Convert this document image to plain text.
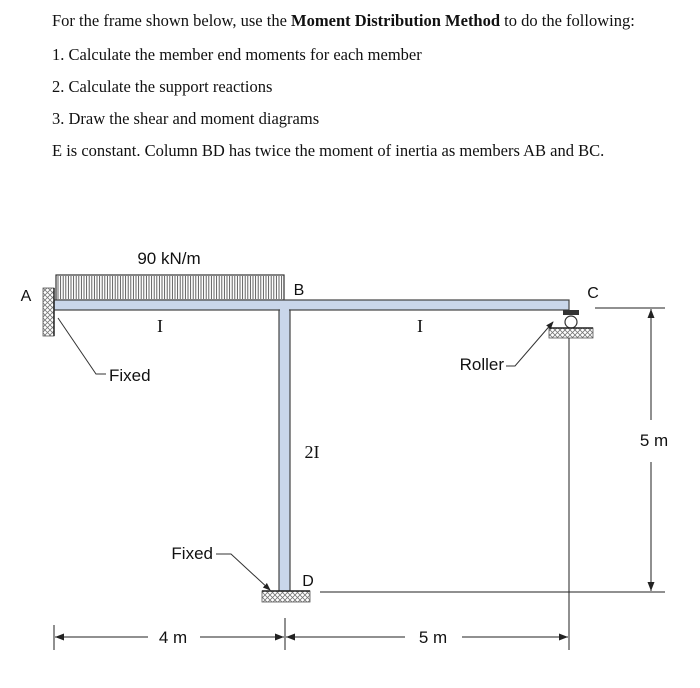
For the frame shown below, use the Moment Distribution Method to do the following:

1. Calculate the member end moments for each member

2. Calculate the support reactions

3. Draw the shear and moment diagrams

E is constant. Column BD has twice the moment of inertia as members AB and BC.

90 kN/m
A	B	C
D
I	I
2I
Fixed
Fixed
Roller
4 m	5 m
5 m
